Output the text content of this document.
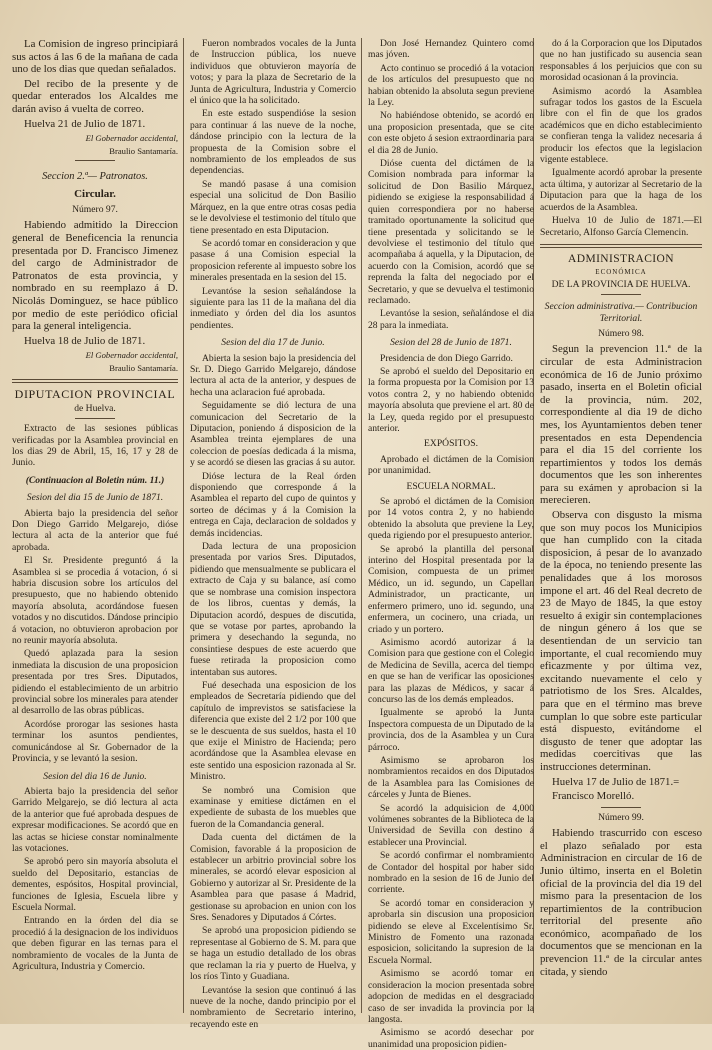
La Comision de ingreso principiará sus actos á las 6 de la mañana de cada uno de los dias que quedan señalados.

Del recibo de la presente y de quedar enterados los Alcaldes me darán aviso á vuelta de correo.

Huelva 21 de Julio de 1871.

El Gobernador accidental,
Braulio Santamaría.
Seccion 2.ª— Patronatos.
Circular.
Número 97.

Habiendo admitido la Direccion general de Beneficencia la renuncia presentada por D. Francisco Jimenez del cargo de Administrador de Patronatos de esta provincia, y nombrado en su reemplazo á D. Nicolás Dominguez, se hace público por medio de este periódico oficial para la general inteligencia.

Huelva 18 de Julio de 1871.

El Gobernador accidental,
Braulio Santamaría.
DIPUTACION PROVINCIAL
de Huelva.

Extracto de las sesiones públicas verificadas por la Asamblea provincial en los dias 29 de Abril, 15, 16, 17 y 28 de Junio.

(Continuacion al Boletin núm. 11.)
Sesion del dia 15 de Junio de 1871.

Abierta bajo la presidencia del señor Don Diego Garrido Melgarejo, dióse lectura al acta de la anterior que fué aprobada.

El Sr. Presidente preguntó á la Asamblea si se procedia á votacion, ó si habria discusion sobre los artículos del presupuesto, que no habiendo obtenido mayoría absoluta, acordándose fuesen votados y no discutidos. Dándose principio á votacion, no obtuvieron aprobacion por no reunir mayoría absoluta.

Quedó aplazada para la sesion inmediata la discusion de una proposicion presentada por tres Sres. Diputados, pidiendo el establecimiento de un arbitrio provincial sobre los minerales para atender al desarrollo de las obras públicas.

Acordóse prorogar las sesiones hasta terminar los asuntos pendientes, comunicándose al Sr. Gobernador de la Provincia, y se levantó la sesion.

Sesion del dia 16 de Junio.

Abierta bajo la presidencia del señor Garrido Melgarejo, se dió lectura al acta de la anterior que fué aprobada despues de expresar modificaciones. Se acordó que en las actas se hiciese constar nominalmente las votaciones.

Se aprobó pero sin mayoría absoluta el sueldo del Depositario, estancias de dementes, espósitos, Hospital provincial, funciones de Iglesia, Escuela libre y Escuela Normal.

Entrando en la órden del dia se procedió á la designacion de los individuos que deben figurar en las ternas para el nombramiento de vocales de la Junta de Agricultura, Industria y Comercio.

Fueron nombrados vocales de la Junta de Instruccion pública, los nueve individuos que obtuvieron mayoría de votos; y para la plaza de Secretario de la Junta de Agricultura, Industria y Comercio el único que la ha solicitado.

En este estado suspendióse la sesion para continuar á las nueve de la noche, dándose principio con la lectura de la propuesta de la Comision sobre el nombramiento de los empleados de sus dependencias.

Se mandó pasase á una comision especial una solicitud de Don Basilio Márquez, en la que entre otras cosas pedia se le devolviese el testimonio del título que tiene presentado en esta Diputacion.

Se acordó tomar en consideracion y que pasase á una Comision especial la proposicion referente al impuesto sobre los minerales presentada en la sesion del 15.

Levantóse la sesion señalándose la siguiente para las 11 de la mañana del dia inmediato y órden del dia los asuntos pendientes.

Sesion del dia 17 de Junio.

Abierta la sesion bajo la presidencia del Sr. D. Diego Garrido Melgarejo, dándose lectura al acta de la anterior, y despues de hecha una aclaracion fué aprobada.

Seguidamente se dió lectura de una comunicacion del Secretario de la Diputacion, poniendo á disposicion de la Asamblea treinta ejemplares de una coleccion de poesías dedicada á la misma, y se acordó se diesen las gracias á su autor.

Dióse lectura de la Real órden disponiendo que corresponde á la Asamblea el reparto del cupo de quintos y sorteo de décimas y á la Comision la entrega en Caja, declaracion de soldados y demás incidencias.

Dada lectura de una proposicion presentada por varios Sres. Diputados, pidiendo que mensualmente se publicara el extracto de Caja y su balance, así como que se nombrase una comision inspectora de los libros, cuentas y demás, la Diputacion acordó, despues de discutida, que se votase por partes, aprobando la primera y desechando la segunda, no consintiese despues de este acuerdo que fuese retirada la proposicion como intentaban sus autores.

Fué desechada una esposicion de los empleados de Secretaría pidiendo que del capítulo de imprevistos se satisfaciese la diferencia que existe del 2 1/2 por 100 que se le descuenta de sus sueldos, hasta el 10 que exije el Ministro de Hacienda; pero acordándose que la Asamblea elevase en este sentido una esposicion razonada al Sr. Ministro.

Se nombró una Comision que examinase y emitiese dictámen en el expediente de subasta de los muebles que fueron de la Comandancia general.

Dada cuenta del dictámen de la Comision, favorable á la proposicion de establecer un arbitrio provincial sobre los minerales, se acordó elevar esposicion al Gobierno y autorizar al Sr. Presidente de la Asamblea para que pasase á Madrid, gestionase su aprobacion en union con los Sres. Senadores y Diputados á Córtes.

Se aprobó una proposicion pidiendo se representase al Gobierno de S. M. para que se haga un estudio detallado de los obras que reclaman la ria y puerto de Huelva, y los ríos Tinto y Guadiana.

Levantóse la sesion que continuó á las nueve de la noche, dando principio por el nombramiento de Secretario interino, recayendo este en

Don José Hernandez Quintero como mas jóven.

Acto continuo se procedió á la votacion de los artículos del presupuesto que no habian obtenido la absoluta segun previene la Ley.

No habiéndose obtenido, se acordó en una proposicion presentada, que se cite con este objeto á sesion extraordinaria para el dia 28 de Junio.

Dióse cuenta del dictámen de la Comision nombrada para informar la solicitud de Don Basilio Márquez, pidiendo se exigiese la responsabilidad á quien correspondiera por no haberse tramitado oportunamente la solicitud que tiene presentada y solicitando se le devolviese el testimonio del título que acompañaba á aquella, y la Diputacion, de acuerdo con la Comision, acordó que se reprenda la falta del negociado por el Secretario, y que se devuelva el testimonio reclamado.

Levantóse la sesion, señalándose el dia 28 para la inmediata.

Sesion del 28 de Junio de 1871.

Presidencia de don Diego Garrido.

Se aprobó el sueldo del Depositario en la forma propuesta por la Comision por 13 votos contra 2, y no habiendo obtenido mayoría absoluta que previene el art. 80 de la Ley, queda regido por el presupuesto anterior.

EXPÓSITOS.

Aprobado el dictámen de la Comision por unanimidad.

ESCUELA NORMAL.

Se aprobó el dictámen de la Comision por 14 votos contra 2, y no habiendo obtenido la absoluta que previene la Ley, queda rigiendo por el presupuesto anterior.

Se aprobó la plantilla del personal interino del Hospital presentada por la Comision, compuesta de un primer Médico, un id. segundo, un Capellan Administrador, un practicante, un enfermero primero, uno id. segundo, una enfermera, un cocinero, una criada, un criado y un portero.

Asimismo acordó autorizar á la Comision para que gestione con el Colegio de Medicina de Sevilla, acerca del tiempo en que se han de verificar las oposiciones para las plazas de Médicos, y sacar á concurso las de los demás empleados.

Igualmente se aprobó la Junta Inspectora compuesta de un Diputado de la provincia, dos de la Asamblea y un Cura párroco.

Asimismo se aprobaron los nombramientos recaidos en dos Diputados de la Asamblea para las Comisiones de cárceles y Junta de Bienes.

Se acordó la adquisicion de 4,000 volúmenes sobrantes de la Biblioteca de la Universidad de Sevilla con destino á establecer una Provincial.

Se acordó confirmar el nombramiento de Contador del hospital por haber sido nombrado en la sesion de 16 de Junio del corriente.

Se acordó tomar en consideracion y aprobarla sin discusion una proposicion pidiendo se eleve al Excelentísimo Sr. Ministro de Fomento una razonada esposicion, solicitando la supresion de la Escuela Normal.

Asimismo se acordó tomar en consideracion la mocion presentada sobre adopcion de medidas en el desgraciado caso de ser invadida la provincia por la langosta.

Asimismo se acordó desechar por unanimidad una proposicion pidien-

do á la Corporacion que los Diputados que no han justificado su ausencia sean responsables á los perjuicios que con su morosidad ocasionan á la provincia.

Asimismo acordó la Asamblea sufragar todos los gastos de la Escuela libre con el fin de que los grados académicos que en dicho establecimiento se confieran tenga la validez necesaria á producir los efectos que la legislacion vigente establece.

Igualmente acordó aprobar la presente acta última, y autorizar al Secretario de la Diputacion para que la haga de los acuerdos de la Asamblea.

Huelva 10 de Julio de 1871.—El Secretario, Alfonso García Clemencin.

ADMINISTRACION
ECONÓMICA
DE LA PROVINCIA DE HUELVA.
Seccion administrativa.— Contribucion Territorial.
Número 98.

Segun la prevencion 11.ª de la circular de esta Administracion económica de 16 de Junio próximo pasado, inserta en el Boletin oficial de la provincia, núm. 202, correspondiente al dia 19 de dicho mes, los Ayuntamientos deben tener presentados en esta Dependencia para el dia 15 del corriente los repartimientos y todos los demás documentos que les son inherentes para su exámen y aprobacion si la merecieren.

Observa con disgusto la misma que son muy pocos los Municipios que han cumplido con la citada disposicion, á pesar de lo avanzado de la época, no teniendo presente las penalidades que á los morosos impone el art. 46 del Real decreto de 23 de Mayo de 1845, la que estoy resuelto á exigir sin contemplaciones de ningun género á los que se desentiendan de un servicio tan importante, el cual recomiendo muy eficazmente y por última vez, excitando nuevamente el celo y patriotismo de los Sres. Alcaldes, para que en el término mas breve cumplan lo que sobre este particular está dispuesto, evitándome el disgusto de tener que adoptar las medidas coercitivas que las instrucciones determinan.

Huelva 17 de Julio de 1871.=

Francisco Morelló.

Número 99.

Habiendo trascurrido con esceso el plazo señalado por esta Administracion en circular de 16 de Junio último, inserta en el Boletin oficial de la provincia del dia 19 del mismo para la presentacion de los repartimientos de la contribucion territorial del presente año económico, acompañado de los documentos que se mencionan en la prevencion 11.ª de la circular antes citada, y siendo
